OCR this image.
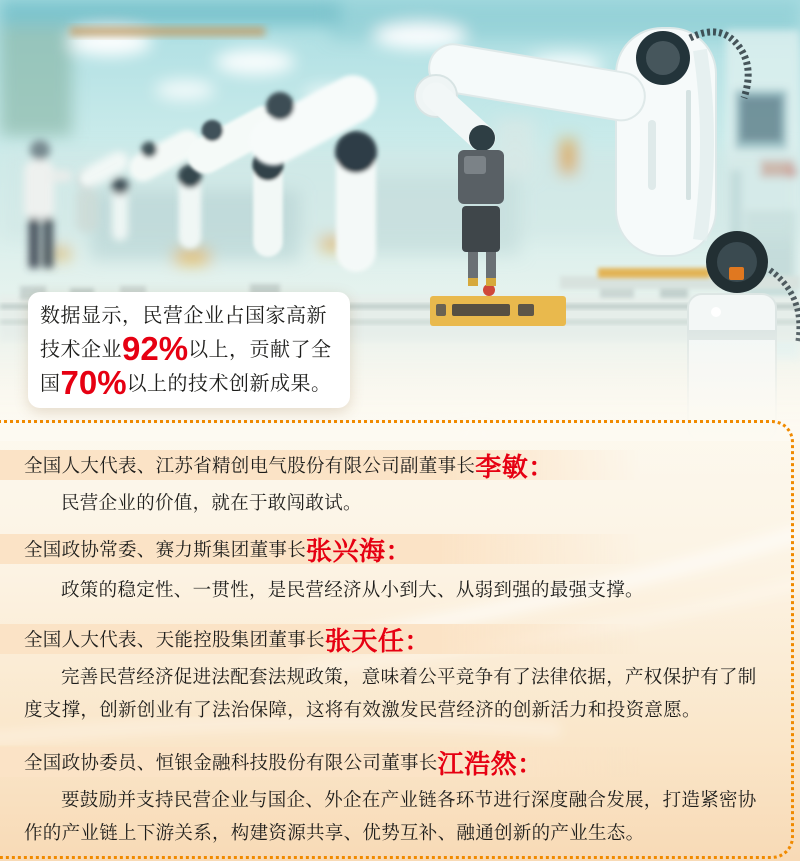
数据显示，民营企业占国家高新技术企业92%以上，贡献了全国70%以上的技术创新成果。
全国人大代表、江苏省精创电气股份有限公司副董事长 李敏：

民营企业的价值，就在于敢闯敢试。

全国政协常委、赛力斯集团董事长 张兴海：

政策的稳定性、一贯性，是民营经济从小到大、从弱到强的最强支撑。

全国人大代表、天能控股集团董事长 张天任：

完善民营经济促进法配套法规政策，意味着公平竞争有了法律依据，产权保护有了制度支撑，创新创业有了法治保障，这将有效激发民营经济的创新活力和投资意愿。

全国政协委员、恒银金融科技股份有限公司董事长 江浩然：

要鼓励并支持民营企业与国企、外企在产业链各环节进行深度融合发展，打造紧密协作的产业链上下游关系，构建资源共享、优势互补、融通创新的产业生态。
